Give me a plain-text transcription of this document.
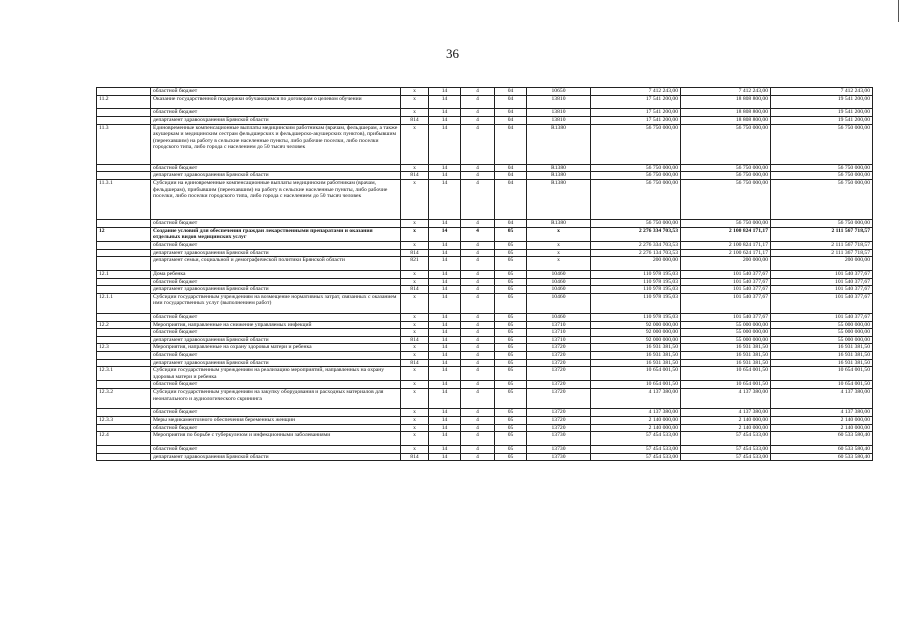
36
	областной бюджет	х	14	4	04	10650	7 412 243,00	7 412 243,00	7 412 243,00
11.2	Оказание государственной поддержки обучающимся по договорам о целевом обучении	х	14	4	04	13810	17 541 200,00	18 808 800,00	19 541 200,00
	областной бюджет	х	14	4	04	13810	17 541 200,00	18 808 800,00	19 541 200,00
	департамент здравоохранения Брянской области	814	14	4	04	13810	17 541 200,00	18 808 800,00	19 541 200,00
11.3	Единовременные компенсационные выплаты медицинским работникам (врачам, фельдшерам, а также акушеркам и медицинским сестрам фельдшерских и фельдшерско-акушерских пунктов), прибывшим (переехавшим) на работу в сельские населенные пункты, либо рабочие поселки, либо поселки городского типа, либо города с населением до 50 тысяч человек	х	14	4	04	R1380	56 750 000,00	56 750 000,00	56 750 000,00
	областной бюджет	х	14	4	04	R1380	56 750 000,00	56 750 000,00	56 750 000,00
	департамент здравоохранения Брянской области	814	14	4	04	R1380	56 750 000,00	56 750 000,00	56 750 000,00
11.3.1	Субсидии на единовременные компенсационные выплаты медицинским работникам (врачам, фельдшерам), прибывшим (переехавшим) на работу в сельские населенные пункты, либо рабочие поселки, либо поселки городского типа, либо города с населением до 50 тысяч человек	х	14	4	04	R1380	56 750 000,00	56 750 000,00	56 750 000,00
	областной бюджет	х	14	4	04	R1380	56 750 000,00	56 750 000,00	56 750 000,00
12	Создание условий для обеспечения граждан лекарственными препаратами и оказания отдельных видов медицинских услуг	х	14	4	05	х	2 276 334 703,53	2 100 824 171,17	2 111 567 718,57
	областной бюджет	х	14	4	05	х	2 276 334 703,53	2 100 824 171,17	2 111 567 718,57
	департамент здравоохранения Брянской области	814	14	4	05	х	2 276 134 703,53	2 100 624 171,17	2 111 367 718,57
	департамент семьи, социальной и демографической политики Брянской области	821	14	4	05	х	200 000,00	200 000,00	200 000,00
12.1	Дома ребенка	х	14	4	05	10460	110 978 195,03	101 540 377,67	101 540 377,67
	областной бюджет	х	14	4	05	10460	110 978 195,03	101 540 377,67	101 540 377,67
	департамент здравоохранения Брянской области	814	14	4	05	10460	110 978 195,03	101 540 377,67	101 540 377,67
12.1.1	Субсидии государственным учреждениям на возмещение нормативных затрат, связанных с оказанием ими государственных услуг (выполнением работ)	х	14	4	05	10460	110 978 195,03	101 540 377,67	101 540 377,67
	областной бюджет	х	14	4	05	10460	110 978 195,03	101 540 377,67	101 540 377,67
12.2	Мероприятия, направленные на снижение управляемых инфекций	х	14	4	05	13710	92 000 000,00	55 000 000,00	55 000 000,00
	областной бюджет	х	14	4	05	13710	92 000 000,00	55 000 000,00	55 000 000,00
	департамент здравоохранения Брянской области	814	14	4	05	13710	92 000 000,00	55 000 000,00	55 000 000,00
12.3	Мероприятия, направленные на охрану здоровья матери и ребенка	х	14	4	05	13720	16 931 381,50	16 931 381,50	16 931 381,50
	областной бюджет	х	14	4	05	13720	16 931 381,50	16 931 381,50	16 931 381,50
	департамент здравоохранения Брянской области	814	14	4	05	13720	16 931 381,50	16 931 381,50	16 931 381,50
12.3.1	Субсидии государственным учреждениям на реализацию мероприятий, направленных на охрану здоровья матери и ребенка	х	14	4	05	13720	10 654 001,50	10 654 001,50	10 654 001,50
	областной бюджет	х	14	4	05	13720	10 654 001,50	10 654 001,50	10 654 001,50
12.3.2	Субсидии государственным учреждениям на закупку оборудования и расходных материалов для неонатального и аудиологического скрининга	х	14	4	05	13720	4 137 380,00	4 137 380,00	4 137 380,00
	областной бюджет	х	14	4	05	13720	4 137 380,00	4 137 380,00	4 137 380,00
12.3.3	Меры медикаментозного обеспечения беременных женщин	х	14	4	05	13720	2 140 000,00	2 140 000,00	2 140 000,00
	областной бюджет	х	14	4	05	13720	2 140 000,00	2 140 000,00	2 140 000,00
12.4	Мероприятия по борьбе с туберкулезом и инфекционными заболеваниями	х	14	4	05	13730	57 454 533,00	57 454 533,00	60 533 580,40
	областной бюджет	х	14	4	05	13730	57 454 533,00	57 454 533,00	60 533 580,40
	департамент здравоохранения Брянской области	814	14	4	05	13730	57 454 533,00	57 454 533,00	60 533 580,40
